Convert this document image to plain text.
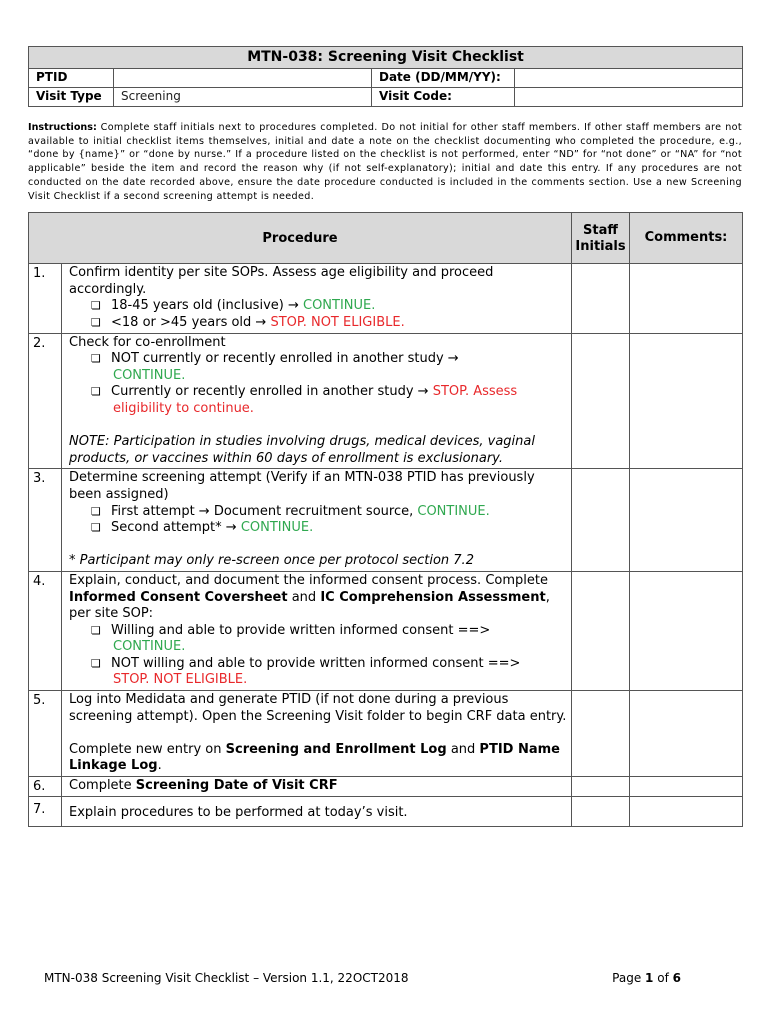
MTN-038: Screening Visit Checklist			
PTID		Date (DD/MM/YY):	
Visit Type	Screening	Visit Code:	

Instructions: Complete staff initials next to procedures completed. Do not initial for other staff members. If other staff members are not available to initial checklist items themselves, initial and date a note on the checklist documenting who completed the procedure, e.g., “done by {name}” or “done by nurse.” If a procedure listed on the checklist is not performed, enter “ND” for “not done” or “NA” for “not applicable” beside the item and record the reason why (if not self-explanatory); initial and date this entry. If any procedures are not conducted on the date recorded above, ensure the date procedure conducted is included in the comments section. Use a new Screening Visit Checklist if a second screening attempt is needed.

Procedure		Staff Initials	Comments:
1.	Confirm identity per site SOPs. Assess age eligibility and proceed accordingly.
❏ 18-45 years old (inclusive) → CONTINUE.
❏ <18 or >45 years old → STOP. NOT ELIGIBLE.		

2.	Check for co-enrollment
❏ NOT currently or recently enrolled in another study →
CONTINUE.
❏ Currently or recently enrolled in another study → STOP. Assess eligibility to continue.
NOTE: Participation in studies involving drugs, medical devices, vaginal products, or vaccines within 60 days of enrollment is exclusionary.		

3.	Determine screening attempt (Verify if an MTN-038 PTID has previously been assigned)
❏ First attempt → Document recruitment source, CONTINUE.
❏ Second attempt* → CONTINUE.
* Participant may only re-screen once per protocol section 7.2		

4.	Explain, conduct, and document the informed consent process. Complete Informed Consent Coversheet and IC Comprehension Assessment, per site SOP:
❏ Willing and able to provide written informed consent ==>
CONTINUE.
❏ NOT willing and able to provide written informed consent ==>
STOP. NOT ELIGIBLE.		

5.	Log into Medidata and generate PTID (if not done during a previous screening attempt). Open the Screening Visit folder to begin CRF data entry.
Complete new entry on Screening and Enrollment Log and PTID Name Linkage Log.		

6.	Complete Screening Date of Visit CRF		

7.	Explain procedures to be performed at today’s visit.		

MTN-038 Screening Visit Checklist – Version 1.1, 22OCT2018	Page 1 of 6
